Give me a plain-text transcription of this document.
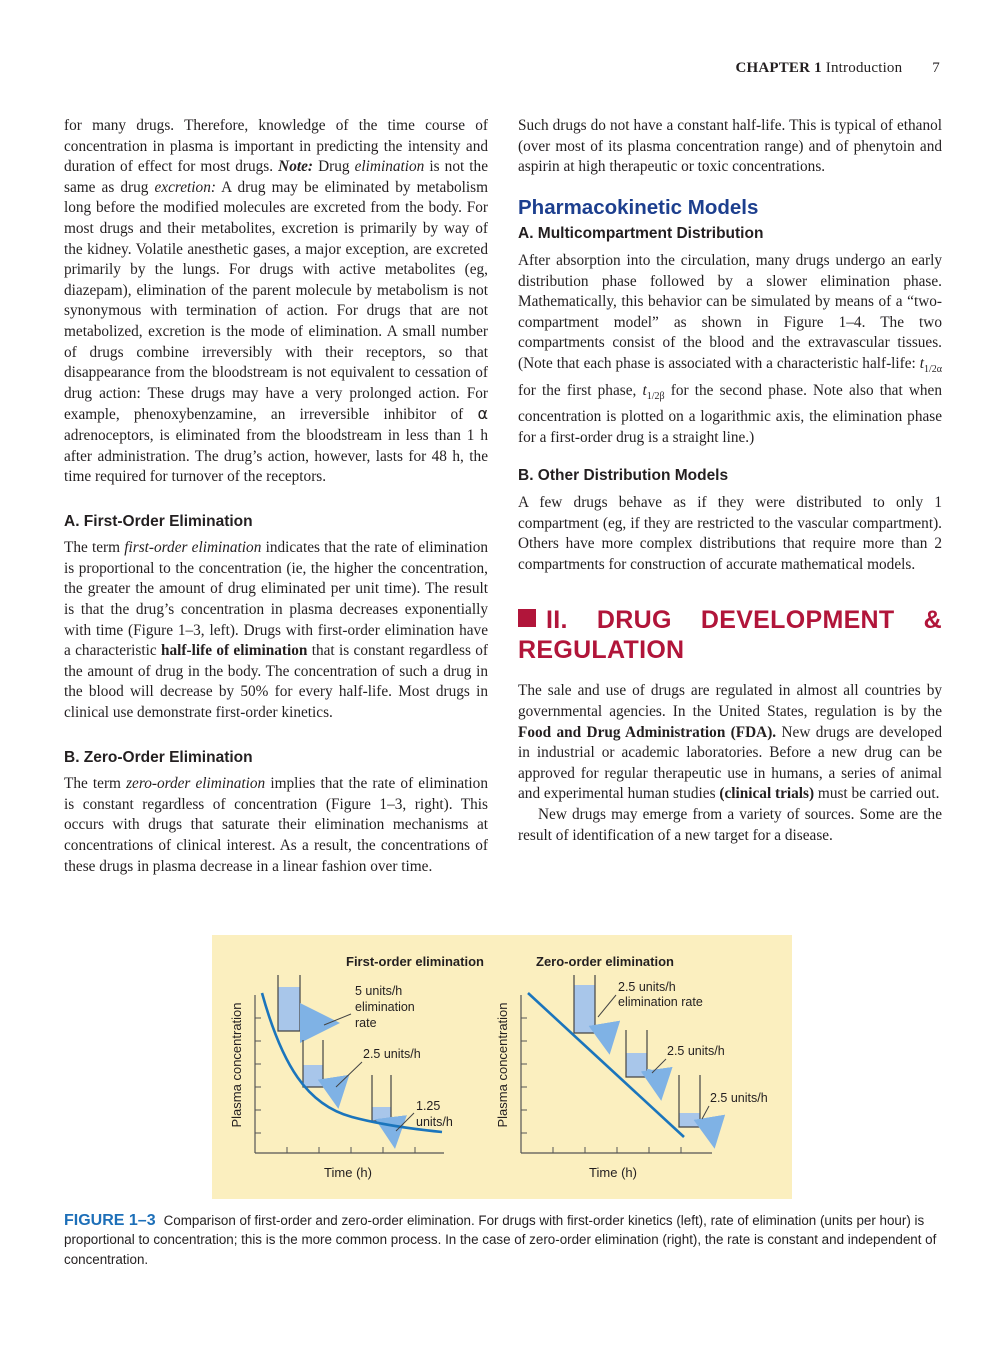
CHAPTER 1 Introduction 7

for many drugs. Therefore, knowledge of the time course of concentration in plasma is important in predicting the intensity and duration of effect for most drugs. Note: Drug elimination is not the same as drug excretion: A drug may be eliminated by metabolism long before the modified molecules are excreted from the body. For most drugs and their metabolites, excretion is primarily by way of the kidney. Volatile anesthetic gases, a major exception, are excreted primarily by the lungs. For drugs with active metabolites (eg, diazepam), elimination of the parent molecule by metabolism is not synonymous with termination of action. For drugs that are not metabolized, excretion is the mode of elimination. A small number of drugs combine irreversibly with their receptors, so that disappearance from the bloodstream is not equivalent to cessation of drug action: These drugs may have a very prolonged action. For example, phenoxybenzamine, an irreversible inhibitor of α adrenoceptors, is eliminated from the bloodstream in less than 1 h after administration. The drug’s action, however, lasts for 48 h, the time required for turnover of the receptors.

A. First-Order Elimination

The term first-order elimination indicates that the rate of elimination is proportional to the concentration (ie, the higher the concentration, the greater the amount of drug eliminated per unit time). The result is that the drug’s concentration in plasma decreases exponentially with time (Figure 1–3, left). Drugs with first-order elimination have a characteristic half-life of elimination that is constant regardless of the amount of drug in the body. The concentration of such a drug in the blood will decrease by 50% for every half-life. Most drugs in clinical use demonstrate first-order kinetics.

B. Zero-Order Elimination

The term zero-order elimination implies that the rate of elimination is constant regardless of concentration (Figure 1–3, right). This occurs with drugs that saturate their elimination mechanisms at concentrations of clinical interest. As a result, the concentrations of these drugs in plasma decrease in a linear fashion over time.

Such drugs do not have a constant half-life. This is typical of ethanol (over most of its plasma concentration range) and of phenytoin and aspirin at high therapeutic or toxic concentrations.

Pharmacokinetic Models
A. Multicompartment Distribution

After absorption into the circulation, many drugs undergo an early distribution phase followed by a slower elimination phase. Mathematically, this behavior can be simulated by means of a “two-compartment model” as shown in Figure 1–4. The two compartments consist of the blood and the extravascular tissues. (Note that each phase is associated with a characteristic half-life: $t_{1/2\alpha}$ for the first phase, $t_{1/2\beta}$ for the second phase. Note also that when concentration is plotted on a logarithmic axis, the elimination phase for a first-order drug is a straight line.)

B. Other Distribution Models

A few drugs behave as if they were distributed to only 1 compartment (eg, if they are restricted to the vascular compartment). Others have more complex distributions that require more than 2 compartments for construction of accurate mathematical models.

II. DRUG DEVELOPMENT & REGULATION

The sale and use of drugs are regulated in almost all countries by governmental agencies. In the United States, regulation is by the Food and Drug Administration (FDA). New drugs are developed in industrial or academic laboratories. Before a new drug can be approved for regular therapeutic use in humans, a series of animal and experimental human studies (clinical trials) must be carried out.

New drugs may emerge from a variety of sources. Some are the result of identification of a new target for a disease.

First-order elimination
Plasma concentration
Time (h)
5 units/h
elimination
rate
2.5 units/h
1.25
units/h
Zero-order elimination
Plasma concentration
Time (h)
2.5 units/h
elimination rate
2.5 units/h
2.5 units/h
FIGURE 1–3 Comparison of first-order and zero-order elimination. For drugs with first-order kinetics (left), rate of elimination (units per hour) is proportional to concentration; this is the more common process. In the case of zero-order elimination (right), the rate is constant and independent of concentration.
